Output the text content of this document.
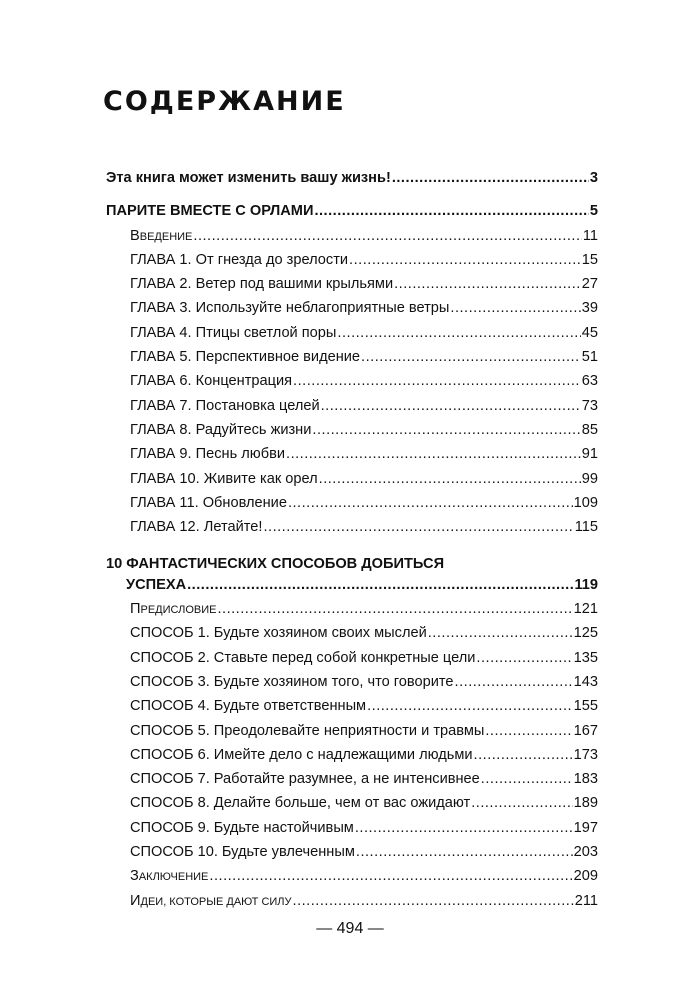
СОДЕРЖАНИЕ
Эта книга может изменить вашу жизнь! .....	3
ПАРИТЕ ВМЕСТЕ С ОРЛАМИ .....	5
ВВЕДЕНИЕ .....	11
ГЛАВА 1. От гнезда до зрелости .....	15
ГЛАВА 2. Ветер под вашими крыльями .....	27
ГЛАВА 3. Используйте неблагоприятные ветры .....	39
ГЛАВА 4. Птицы светлой поры .....	45
ГЛАВА 5. Перспективное видение .....	51
ГЛАВА 6. Концентрация .....	63
ГЛАВА 7. Постановка целей .....	73
ГЛАВА 8. Радуйтесь жизни .....	85
ГЛАВА 9. Песнь любви .....	91
ГЛАВА 10. Живите как орел .....	99
ГЛАВА 11. Обновление .....	109
ГЛАВА 12. Летайте! .....	115
10 ФАНТАСТИЧЕСКИХ СПОСОБОВ ДОБИТЬСЯ
УСПЕХА .....	119
ПРЕДИСЛОВИЕ .....	121
СПОСОБ 1. Будьте хозяином своих мыслей .....	125
СПОСОБ 2. Ставьте перед собой конкретные цели .....	135
СПОСОБ 3. Будьте хозяином того, что говорите .....	143
СПОСОБ 4. Будьте ответственным .....	155
СПОСОБ 5. Преодолевайте неприятности и травмы .....	167
СПОСОБ 6. Имейте дело с надлежащими людьми .....	173
СПОСОБ 7. Работайте разумнее, а не интенсивнее .....	183
СПОСОБ 8. Делайте больше, чем от вас ожидают .....	189
СПОСОБ 9. Будьте настойчивым .....	197
СПОСОБ 10. Будьте увлеченным .....	203
ЗАКЛЮЧЕНИЕ .....	209
ИДЕИ, КОТОРЫЕ ДАЮТ СИЛУ .....	211
— 494 —
